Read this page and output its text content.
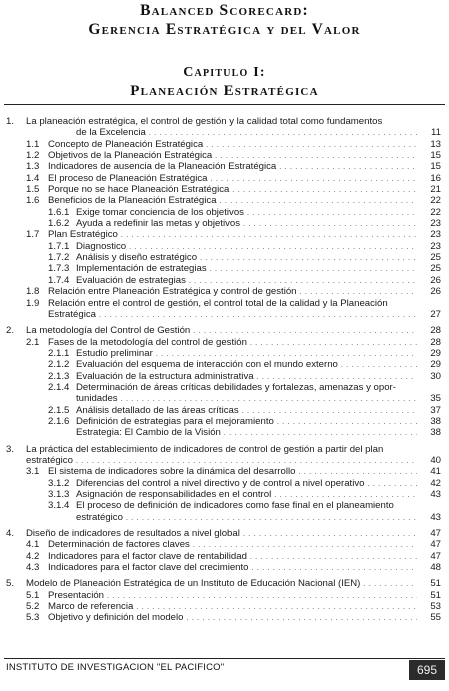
Balanced Scorecard:
Gerencia Estratégica y del Valor
Capitulo I:
Planeación Estratégica
1. La planeación estratégica, el control de gestión y la calidad total como fundamentos
de la Excelencia . . .	11
1.1 Concepto de Planeación Estratégica . . .	13
1.2 Objetivos de la Planeación Estratégica . . .	15
1.3 Indicadores de ausencia de la Planeación Estratégica . . .	15
1.4 El proceso de Planeación Estratégica . . .	16
1.5 Porque no se hace Planeación Estratégica . . .	21
1.6 Beneficios de la Planeación Estratégica . . .	22
1.6.1 Exige tomar conciencia de los objetivos . . .	22
1.6.2 Ayuda a redefinir las metas y objetivos . . .	23
1.7 Plan Estratégico . . .	23
1.7.1 Diagnostico . . .	23
1.7.2 Análisis y diseño estratégico . . .	25
1.7.3 Implementación de estrategias . . .	25
1.7.4 Evaluación de estrategias . . .	26
1.8 Relación entre Planeación Estratégica y control de gestión . . .	26
1.9 Relación entre el control de gestión, el control total de la calidad y la Planeación
Estratégica . . .	27
2. La metodología del Control de Gestión . . .	28
2.1 Fases de la metodología del control de gestión . . .	28
2.1.1 Estudio preliminar . . .	29
2.1.2 Evaluación del esquema de interacción con el mundo externo . . .	29
2.1.3 Evaluación de la estructura administrativa . . .	30
2.1.4 Determinación de áreas críticas debilidades y fortalezas, amenazas y opor-
tunidades . . .	35
2.1.5 Análisis detallado de las áreas críticas . . .	37
2.1.6 Definición de estrategias para el mejoramiento . . .	38
Estrategia: El Cambio de la Visión . . .	38
3. La práctica del establecimiento de indicadores de control de gestión a partir del plan
estratégico . . .	40
3.1 El sistema de indicadores sobre la dinámica del desarrollo . . .	41
3.1.2 Diferencias del control a nivel directivo y de control a nivel operativo . . .	42
3.1.3 Asignación de responsabilidades en el control . . .	43
3.1.4 El proceso de definición de indicadores como fase final en el planeamiento
estratégico . . .	43
4. Diseño de indicadores de resultados a nivel global . . .	47
4.1 Determinación de factores claves . . .	47
4.2 Indicadores para el factor clave de rentabilidad . . .	47
4.3 Indicadores para el factor clave del crecimiento . . .	48
5. Modelo de Planeación Estratégica de un Instituto de Educación Nacional (IEN) . . .	51
5.1 Presentación . . .	51
5.2 Marco de referencia . . .	53
5.3 Objetivo y definición del modelo . . .	55
INSTITUTO DE INVESTIGACION "EL PACIFICO"	695
